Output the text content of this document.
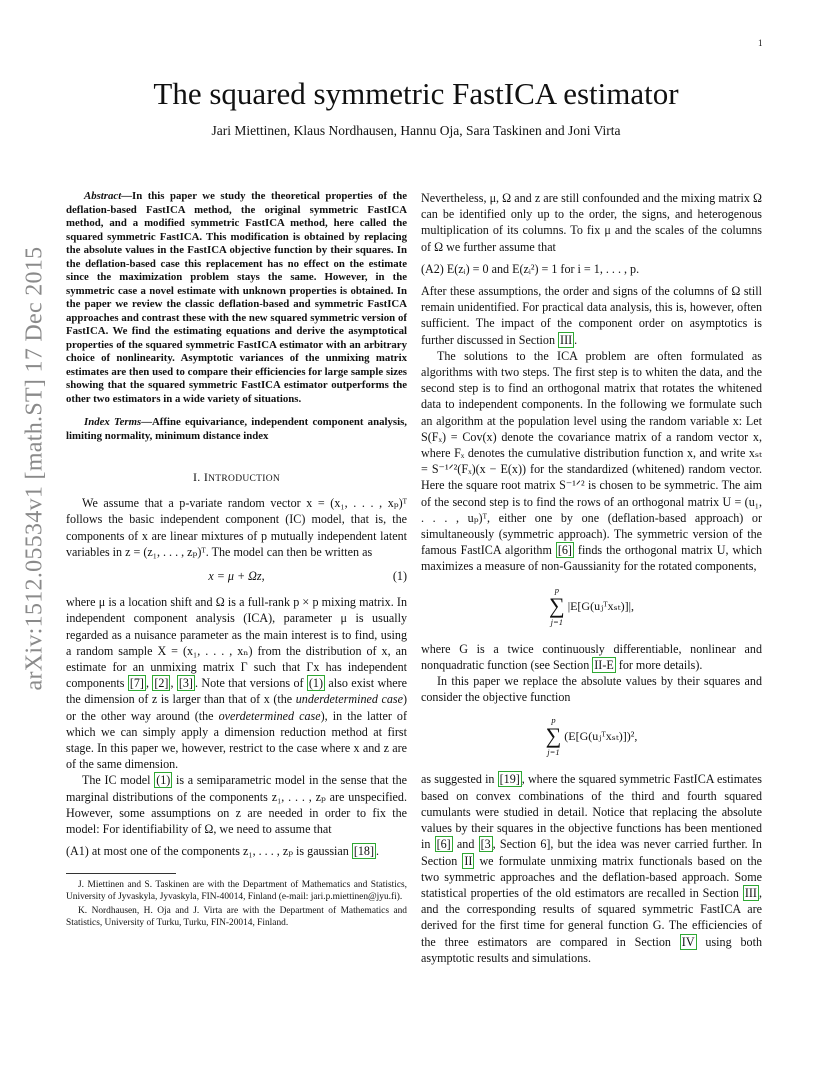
1
arXiv:1512.05534v1 [math.ST] 17 Dec 2015
The squared symmetric FastICA estimator
Jari Miettinen, Klaus Nordhausen, Hannu Oja, Sara Taskinen and Joni Virta

Abstract—In this paper we study the theoretical properties of the deflation-based FastICA method, the original symmetric FastICA method, and a modified symmetric FastICA method, here called the squared symmetric FastICA. This modification is obtained by replacing the absolute values in the FastICA objective function by their squares. In the deflation-based case this replacement has no effect on the estimate since the maximization problem stays the same. However, in the symmetric case a novel estimate with unknown properties is obtained. In the paper we review the classic deflation-based and symmetric FastICA approaches and contrast these with the new squared symmetric version of FastICA. We find the estimating equations and derive the asymptotical properties of the squared symmetric FastICA estimator with an arbitrary choice of nonlinearity. Asymptotic variances of the unmixing matrix estimates are then used to compare their efficiencies for large sample sizes showing that the squared symmetric FastICA estimator outperforms the other two estimators in a wide variety of situations.

Index Terms—Affine equivariance, independent component analysis, limiting normality, minimum distance index

I. INTRODUCTION

We assume that a p-variate random vector x = (x₁, . . . , xₚ)ᵀ follows the basic independent component (IC) model, that is, the components of x are linear mixtures of p mutually independent latent variables in z = (z₁, . . . , zₚ)ᵀ. The model can then be written as

x = μ + Ωz,	(1)

where μ is a location shift and Ω is a full-rank p × p mixing matrix. In independent component analysis (ICA), parameter μ is usually regarded as a nuisance parameter as the main interest is to find, using a random sample X = (x₁, . . . , xₙ) from the distribution of x, an estimate for an unmixing matrix Γ such that Γx has independent components [7] , [2] , [3] . Note that versions of (1) also exist where the dimension of z is larger than that of x (the underdetermined case) or the other way around (the overdetermined case), in the latter of which we can simply apply a dimension reduction method at first stage. In this paper we, however, restrict to the case where x and z are of the same dimension.

The IC model (1) is a semiparametric model in the sense that the marginal distributions of the components z₁, . . . , zₚ are unspecified. However, some assumptions on z are needed in order to fix the model: For identifiability of Ω, we need to assume that

(A1) at most one of the components z₁, . . . , zₚ is gaussian [18] .

J. Miettinen and S. Taskinen are with the Department of Mathematics and Statistics, University of Jyvaskyla, Jyvaskyla, FIN-40014, Finland (e-mail: jari.p.miettinen@jyu.fi).

K. Nordhausen, H. Oja and J. Virta are with the Department of Mathematics and Statistics, University of Turku, Turku, FIN-20014, Finland.

Nevertheless, μ, Ω and z are still confounded and the mixing matrix Ω can be identified only up to the order, the signs, and heterogenous multiplication of its columns. To fix μ and the scales of the columns of Ω we further assume that

(A2) E(zᵢ) = 0 and E(zᵢ²) = 1 for i = 1, . . . , p.

After these assumptions, the order and signs of the columns of Ω still remain unidentified. For practical data analysis, this is, however, often sufficient. The impact of the component order on asymptotics is further discussed in Section III .

The solutions to the ICA problem are often formulated as algorithms with two steps. The first step is to whiten the data, and the second step is to find an orthogonal matrix that rotates the whitened data to independent components. In the following we formulate such an algorithm at the population level using the random variable x: Let S(Fₓ) = Cov(x) denote the covariance matrix of a random vector x, where Fₓ denotes the cumulative distribution function x, and write xₛₜ = S⁻¹ᐟ²(Fₓ)(x − E(x)) for the standardized (whitened) random vector. Here the square root matrix S⁻¹ᐟ² is chosen to be symmetric. The aim of the second step is to find the rows of an orthogonal matrix U = (u₁, . . . , uₚ)ᵀ, either one by one (deflation-based approach) or simultaneously (symmetric approach). The symmetric version of the famous FastICA algorithm [6] finds the orthogonal matrix U, which maximizes a measure of non-Gaussianity for the rotated components,

p
∑
j=1
|E[G(uⱼᵀxₛₜ)]|,

where G is a twice continuously differentiable, nonlinear and nonquadratic function (see Section II-E for more details).

In this paper we replace the absolute values by their squares and consider the objective function

p
∑
j=1
(E[G(uⱼᵀxₛₜ)])²,

as suggested in [19] , where the squared symmetric FastICA estimates based on convex combinations of the third and fourth squared cumulants were studied in detail. Notice that replacing the absolute values by their squares in the objective functions has been mentioned in [6] and [3 , Section 6], but the idea was never carried further. In Section II we formulate unmixing matrix functionals based on the two symmetric approaches and the deflation-based approach. Some statistical properties of the old estimators are recalled in Section III , and the corresponding results of squared symmetric FastICA are derived for the first time for general function G. The efficiencies of the three estimators are compared in Section IV using both asymptotic results and simulations.
